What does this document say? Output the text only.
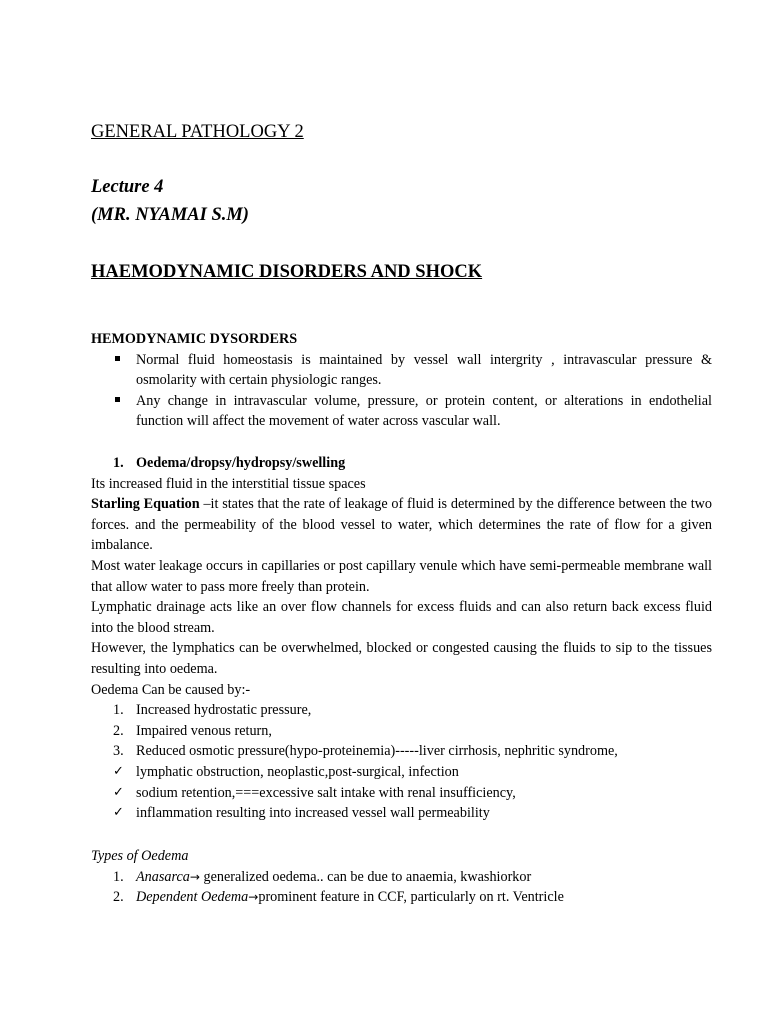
GENERAL PATHOLOGY 2
Lecture 4
(MR. NYAMAI S.M)
HAEMODYNAMIC DISORDERS AND SHOCK

HEMODYNAMIC DYSORDERS

Normal fluid homeostasis is maintained by vessel wall intergrity , intravascular pressure & osmolarity with certain physiologic ranges.
Any change in intravascular volume, pressure, or protein content, or alterations in endothelial function will affect the movement of water across vascular wall.
1. Oedema/dropsy/hydropsy/swelling

Its increased fluid in the interstitial tissue spaces

Starling Equation –it states that the rate of leakage of fluid is determined by the difference between the two forces. and the permeability of the blood vessel to water, which determines the rate of flow for a given imbalance.

Most water leakage occurs in capillaries or post capillary venule which have semi-permeable membrane wall that allow water to pass more freely than protein.

Lymphatic drainage acts like an over flow channels for excess fluids and can also return back excess fluid into the blood stream.

However, the lymphatics can be overwhelmed, blocked or congested causing the fluids to sip to the tissues resulting into oedema.

Oedema Can be caused by:-

1. Increased hydrostatic pressure,
2. Impaired venous return,
3. Reduced osmotic pressure(hypo-proteinemia)-----liver cirrhosis, nephritic syndrome,
✓ lymphatic obstruction, neoplastic,post-surgical, infection
✓ sodium retention,===excessive salt intake with renal insufficiency,
✓ inflammation resulting into increased vessel wall permeability

Types of Oedema

1. Anasarca→ generalized oedema.. can be due to anaemia, kwashiorkor
2. Dependent Oedema→prominent feature in CCF, particularly on rt. Ventricle
